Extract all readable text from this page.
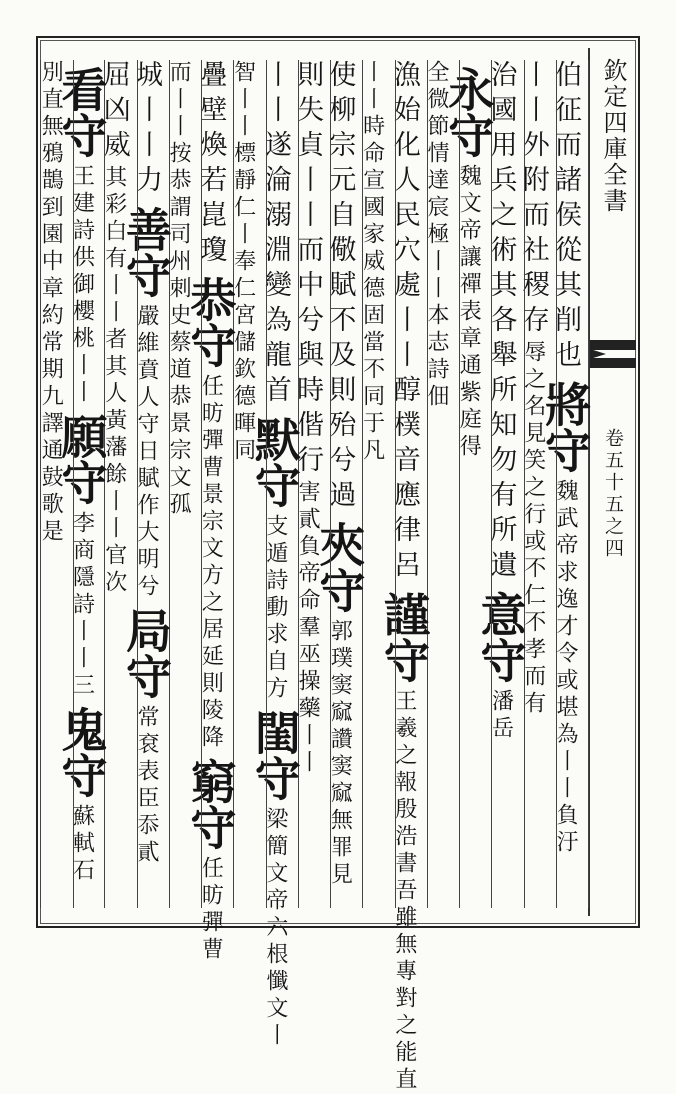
欽定四庫全書
卷五十五之四
伯征而諸侯從其削也將守魏武帝求逸才令或堪為丨丨負汙
丨丨外附而社稷存辱之名見笑之行或不仁不孝而有
治國用兵之術其各舉所知勿有所遺意守潘岳
永守魏文帝讓禪表章通紫庭得
全微節情達宸極丨丨本志詩佃
漁始化人民穴處丨丨醇樸音應律呂謹守王羲之報殷浩書吾雖無專對之能直
丨丨時命宣國家威德固當不同于凡
使柳宗元自儆賦不及則殆兮過夾守郭璞窦窳讚窦窳無罪見
則失貞丨丨而中兮與時偕行害貳負帝命羣巫操藥丨丨
丨丨遂淪溺淵變為龍首默守支遁詩動求自方閨守梁簡文帝六根懺文丨
智丨丨標靜仁丨奉仁宮儲欽德暉同
疊壁煥若崑瓊恭守任昉彈曹景宗文方之居延則陵降窮守任昉彈曹
而丨丨按恭謂司州刺史蔡道恭景宗文孤
城丨丨力善守嚴維賁人守日賦作大明兮局守常袞表臣忝貳
屈凶威其彩白有丨丨者其人黃藩餘丨丨官次
看守王建詩供御櫻桃丨丨願守李商隱詩丨丨三鬼守蘇軾石
別直無鴉鵲到園中章約常期九譯通鼓歌是
